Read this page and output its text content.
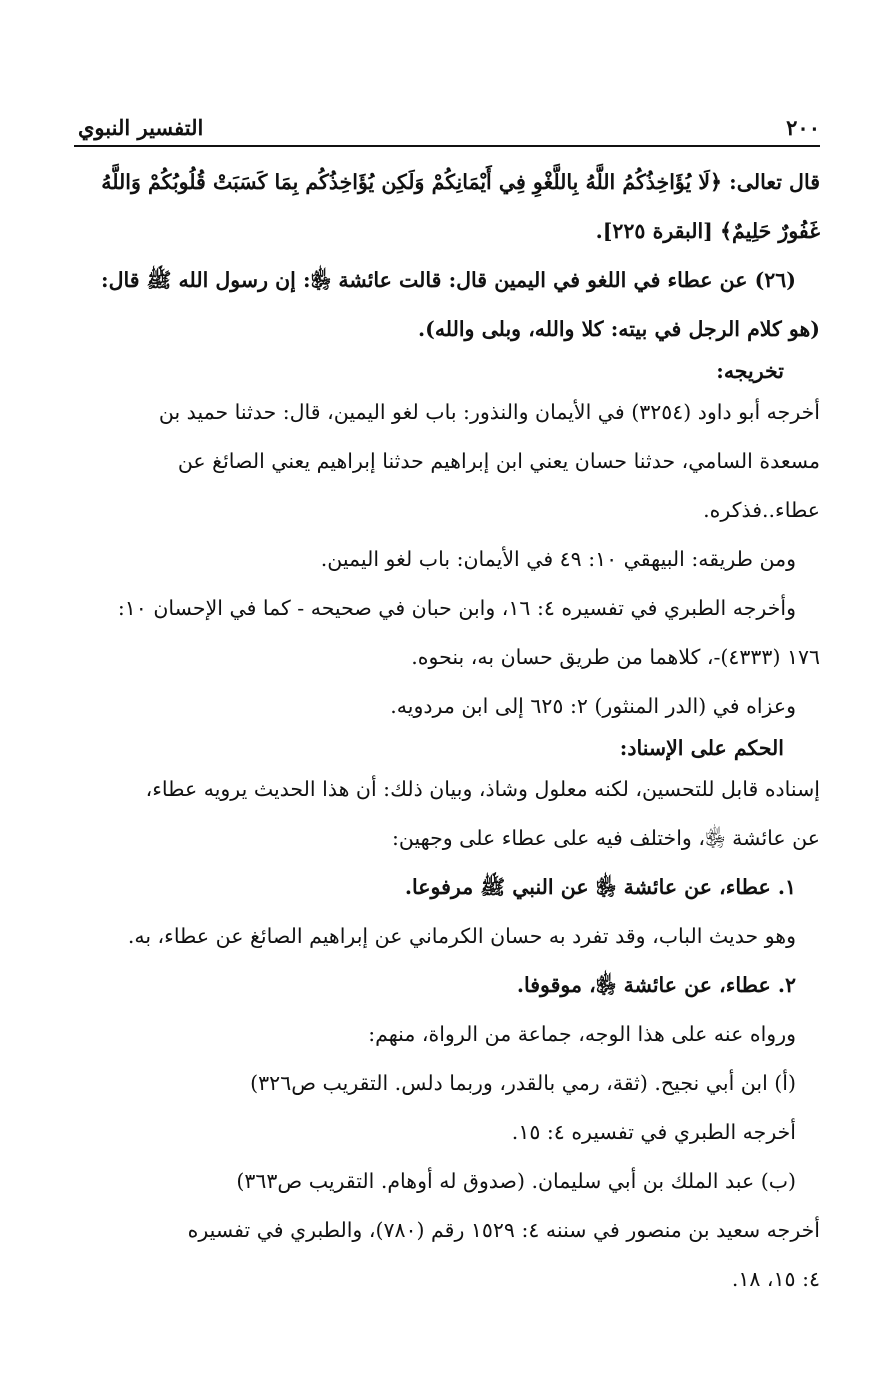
٢٠٠
التفسير النبوي
قال تعالى: ﴿لَا يُؤَاخِذُكُمُ اللَّهُ بِاللَّغْوِ فِي أَيْمَانِكُمْ وَلَكِن يُؤَاخِذُكُم بِمَا كَسَبَتْ قُلُوبُكُمْ وَاللَّهُ
غَفُورٌ حَلِيمٌ﴾ [البقرة ٢٢٥].
(٢٦) عن عطاء في اللغو في اليمين قال: قالت عائشة ﵂: إن رسول الله ﷺ قال:
(هو كلام الرجل في بيته: كلا والله، وبلى والله).
تخريجه:
أخرجه أبو داود (٣٢٥٤) في الأيمان والنذور: باب لغو اليمين، قال: حدثنا حميد بن
مسعدة السامي، حدثنا حسان يعني ابن إبراهيم حدثنا إبراهيم يعني الصائغ عن
عطاء..فذكره.
ومن طريقه: البيهقي ١٠: ٤٩ في الأيمان: باب لغو اليمين.
وأخرجه الطبري في تفسيره ٤: ١٦، وابن حبان في صحيحه - كما في الإحسان ١٠:
١٧٦ (٤٣٣٣)-، كلاهما من طريق حسان به، بنحوه.
وعزاه في (الدر المنثور) ٢: ٦٢٥ إلى ابن مردويه.
الحكم على الإسناد:
إسناده قابل للتحسين، لكنه معلول وشاذ، وبيان ذلك: أن هذا الحديث يرويه عطاء،
عن عائشة ﵂، واختلف فيه على عطاء على وجهين:
١. عطاء، عن عائشة ﵂ عن النبي ﷺ مرفوعا.
وهو حديث الباب، وقد تفرد به حسان الكرماني عن إبراهيم الصائغ عن عطاء، به.
٢. عطاء، عن عائشة ﵂، موقوفا.
ورواه عنه على هذا الوجه، جماعة من الرواة، منهم:
(أ) ابن أبي نجيح. (ثقة، رمي بالقدر، وربما دلس. التقريب ص٣٢٦)
أخرجه الطبري في تفسيره ٤: ١٥.
(ب) عبد الملك بن أبي سليمان. (صدوق له أوهام. التقريب ص٣٦٣)
أخرجه سعيد بن منصور في سننه ٤: ١٥٢٩ رقم (٧٨٠)، والطبري في تفسيره
٤: ١٥، ١٨.
